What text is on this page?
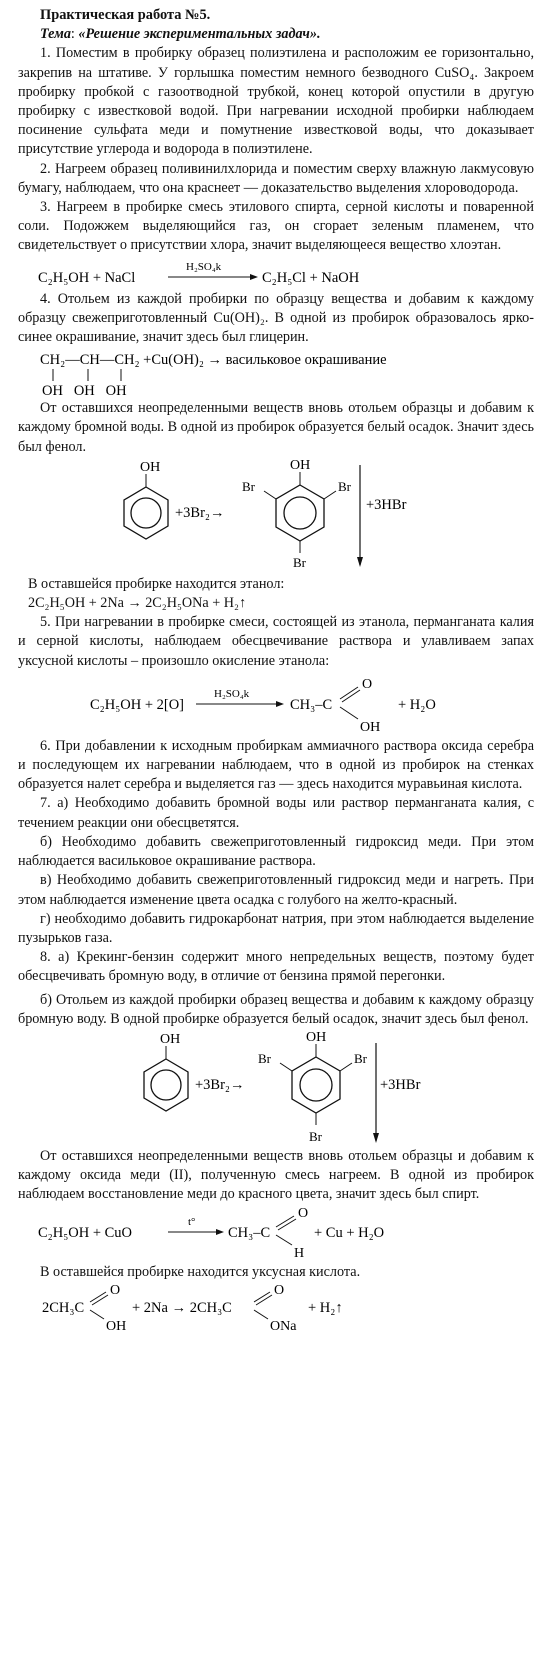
Практическая работа №5.
Тема: «Решение экспериментальных задач».

1. Поместим в пробирку образец полиэтилена и расположим ее горизонтально, закрепив на штативе. У горлышка поместим немного безводного CuSO₄. Закроем пробирку пробкой с газоотводной трубкой, конец которой опустили в другую пробирку с известковой водой. При нагревании исходной пробирки наблюдаем посинение сульфата меди и помутнение известковой воды, что доказывает присутствие углерода и водорода в полиэтилене.

2. Нагреем образец поливинилхлорида и поместим сверху влажную лакмусовую бумагу, наблюдаем, что она краснеет — доказательство выделения хлороводорода.

3. Нагреем в пробирке смесь этилового спирта, серной кислоты и поваренной соли. Подожжем выделяющийся газ, он сгорает зеленым пламенем, что свидетельствует о присутствии хлора, значит выделяющееся вещество хлоэтан.

C₂H₅OH + NaCl
H₂SO₄k
C₂H₅Cl + NaOH

4. Отольем из каждой пробирки по образцу вещества и добавим к каждому образцу свежеприготовленный Cu(OH)₂. В одной из пробирок образовалось ярко-синее окрашивание, значит здесь был глицерин.

CH₂—CH—CH₂ +Cu(OH)₂ → васильковое окрашивание
OH   OH   OH

От оставшихся неопределенными веществ вновь отольем образцы и добавим к каждому бромной воды. В одной из пробирок образуется белый осадок. Значит здесь был фенол.

OH
+3Br₂→
OH
Br	Br
Br
+3HBr

В оставшейся пробирке находится этанол:

2C₂H₅OH + 2Na → 2C₂H₅ONa + H₂↑

5. При нагревании в пробирке смеси, состоящей из этанола, перманганата калия и серной кислоты, наблюдаем обесцвечивание раствора и улавливаем запах уксусной кислоты – произошло окисление этанола:

C₂H₅OH + 2[O]
H₂SO₄k
CH₃–C
O
OH
+ H₂O

6. При добавлении к исходным пробиркам аммиачного раствора оксида серебра и последующем их нагревании наблюдаем, что в одной из пробирок на стенках образуется налет серебра и выделяется газ — здесь находится муравьиная кислота.

7. а) Необходимо добавить бромной воды или раствор перманганата калия, с течением реакции они обесцветятся.

б) Необходимо добавить свежеприготовленный гидроксид меди. При этом наблюдается васильковое окрашивание раствора.

в) Необходимо добавить свежеприготовленный гидроксид меди и нагреть. При этом наблюдается изменение цвета осадка с голубого на желто-красный.

г) необходимо добавить гидрокарбонат натрия, при этом наблюдается выделение пузырьков газа.

8. а) Крекинг-бензин содержит много непредельных веществ, поэтому будет обесцвечивать бромную воду, в отличие от бензина прямой перегонки.

б) Отольем из каждой пробирки образец вещества и добавим к каждому образцу бромную воду. В одной пробирке образуется белый осадок, значит здесь был фенол.

OH
+3Br₂→
OH
Br	Br
Br
+3HBr

От оставшихся неопределенными веществ вновь отольем образцы и добавим к каждому оксида меди (II), полученную смесь нагреем. В одной из пробирок наблюдаем восстановление меди до красного цвета, значит здесь был спирт.

C₂H₅OH + CuO
t°
CH₃–C
O
H
+ Cu + H₂O

В оставшейся пробирке находится уксусная кислота.

2CH₃C
O
OH
+ 2Na → 2CH₃C
O
ONa
+ H₂↑
